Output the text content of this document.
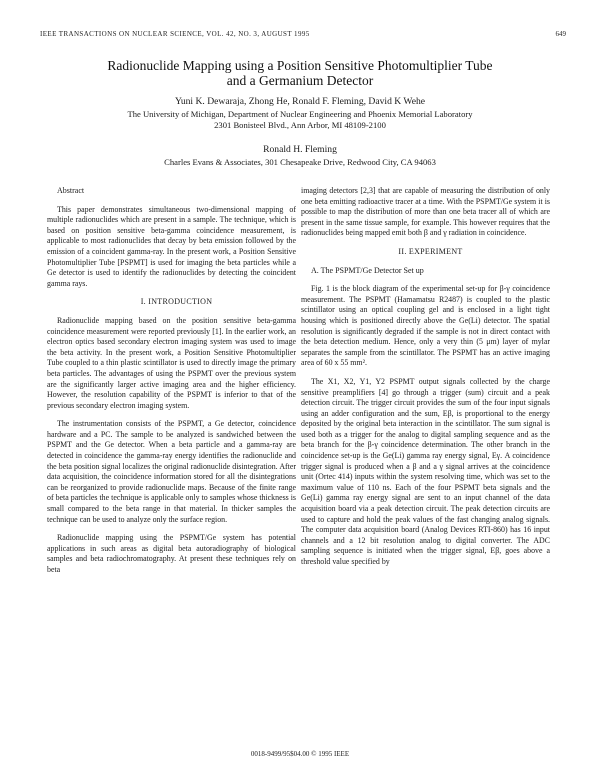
IEEE TRANSACTIONS ON NUCLEAR SCIENCE, VOL. 42, NO. 3, AUGUST 1995	649
Radionuclide Mapping using a Position Sensitive Photomultiplier Tube
and a Germanium Detector
Yuni K. Dewaraja, Zhong He, Ronald F. Fleming, David K Wehe
The University of Michigan, Department of Nuclear Engineering and Phoenix Memorial Laboratory
2301 Bonisteel Blvd., Ann Arbor, MI 48109-2100
Ronald H. Fleming
Charles Evans & Associates, 301 Chesapeake Drive, Redwood City, CA 94063

Abstract

This paper demonstrates simultaneous two-dimensional mapping of multiple radionuclides which are present in a sample. The technique, which is based on position sensitive beta-gamma coincidence measurement, is applicable to most radionuclides that decay by beta emission followed by the emission of a coincident gamma-ray. In the present work, a Position Sensitive Photomultiplier Tube [PSPMT] is used for imaging the beta particles while a Ge detector is used to identify the radionuclides by detecting the coincident gamma rays.

I. INTRODUCTION

Radionuclide mapping based on the position sensitive beta-gamma coincidence measurement were reported previously [1]. In the earlier work, an electron optics based secondary electron imaging system was used to image the beta activity. In the present work, a Position Sensitive Photomultiplier Tube coupled to a thin plastic scintillator is used to directly image the primary beta particles. The advantages of using the PSPMT over the previous system are the significantly larger active imaging area and the higher efficiency. However, the resolution capability of the PSPMT is inferior to that of the previous secondary electron imaging system.

The instrumentation consists of the PSPMT, a Ge detector, coincidence hardware and a PC. The sample to be analyzed is sandwiched between the PSPMT and the Ge detector. When a beta particle and a gamma-ray are detected in coincidence the gamma-ray energy identifies the radionuclide and the beta position signal localizes the original radionuclide disintegration. After data acquisition, the coincidence information stored for all the disintegrations can be reorganized to provide radionuclide maps. Because of the finite range of beta particles the technique is applicable only to samples whose thickness is small compared to the beta range in that material. In thicker samples the technique can be used to analyze only the surface region.

Radionuclide mapping using the PSPMT/Ge system has potential applications in such areas as digital beta autoradiography of biological samples and beta radiochromatography. At present these techniques rely on beta

imaging detectors [2,3] that are capable of measuring the distribution of only one beta emitting radioactive tracer at a time. With the PSPMT/Ge system it is possible to map the distribution of more than one beta tracer all of which are present in the same tissue sample, for example. This however requires that the radionuclides being mapped emit both β and γ radiation in coincidence.

II. EXPERIMENT

A. The PSPMT/Ge Detector Set up

Fig. 1 is the block diagram of the experimental set-up for β-γ coincidence measurement. The PSPMT (Hamamatsu R2487) is coupled to the plastic scintillator using an optical coupling gel and is enclosed in a light tight housing which is positioned directly above the Ge(Li) detector. The spatial resolution is significantly degraded if the sample is not in direct contact with the beta detection medium. Hence, only a very thin (5 μm) layer of mylar separates the sample from the scintillator. The PSPMT has an active imaging area of 60 x 55 mm².

The X1, X2, Y1, Y2 PSPMT output signals collected by the charge sensitive preamplifiers [4] go through a trigger (sum) circuit and a peak detection circuit. The trigger circuit provides the sum of the four input signals using an adder configuration and the sum, Eβ, is proportional to the energy deposited by the original beta interaction in the scintillator. The sum signal is used both as a trigger for the analog to digital sampling sequence and as the beta branch for the β-γ coincidence determination. The other branch in the coincidence set-up is the Ge(Li) gamma ray energy signal, Eγ. A coincidence trigger signal is produced when a β and a γ signal arrives at the coincidence unit (Ortec 414) inputs within the system resolving time, which was set to the maximum value of 110 ns. Each of the four PSPMT beta signals and the Ge(Li) gamma ray energy signal are sent to an input channel of the data acquisition board via a peak detection circuit. The peak detection circuits are used to capture and hold the peak values of the fast changing analog signals. The computer data acquisition board (Analog Devices RTI-860) has 16 input channels and a 12 bit resolution analog to digital converter. The ADC sampling sequence is initiated when the trigger signal, Eβ, goes above a threshold value specified by

0018-9499/95$04.00 © 1995 IEEE
